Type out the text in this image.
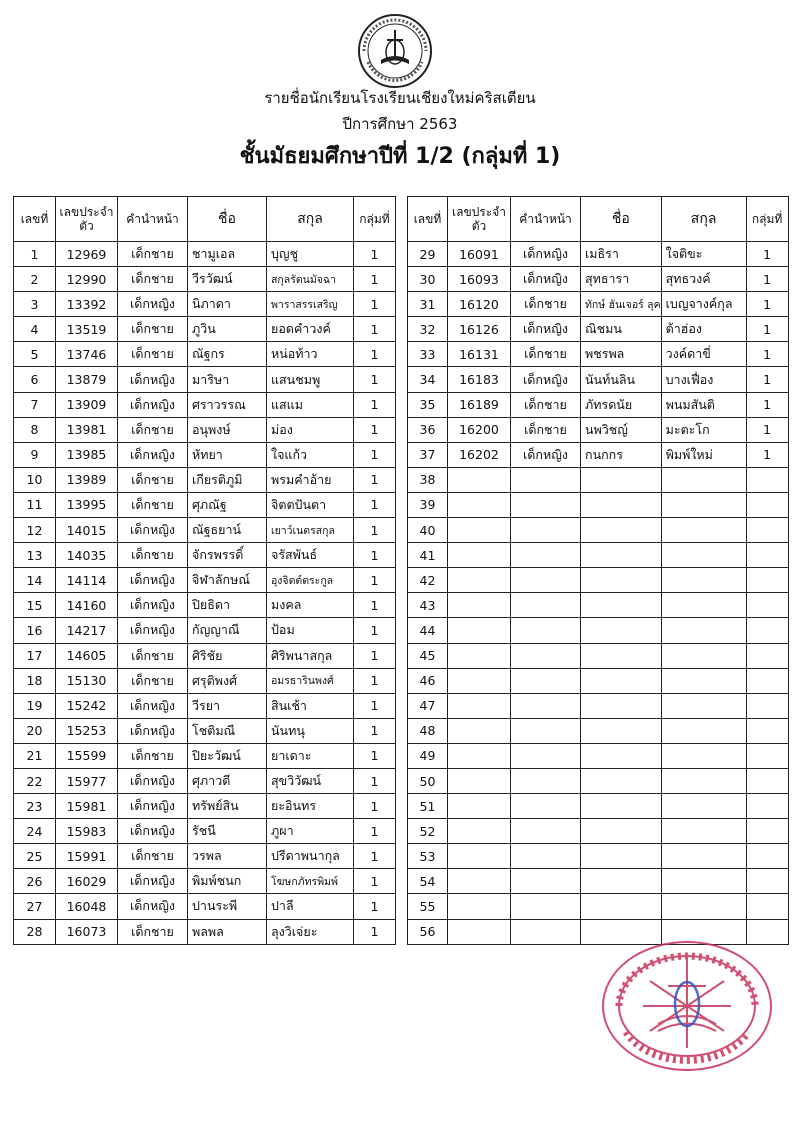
รายชื่อนักเรียนโรงเรียนเชียงใหม่คริสเตียน
ปีการศึกษา 2563
ชั้นมัธยมศึกษาปีที่ 1/2 (กลุ่มที่ 1)
เลขที่	เลขประจำตัว	คำนำหน้า	ชื่อ	สกุล	กลุ่มที่
1	12969	เด็กชาย	ชามูเอล	บุญชู	1
2	12990	เด็กชาย	วีรวัฒน์	สกุลรัตนมัจฉา	1
3	13392	เด็กหญิง	นิภาดา	พาราสรรเสริญ	1
4	13519	เด็กชาย	ภูวิน	ยอดคำวงค์	1
5	13746	เด็กชาย	ณัฐกร	หน่อท้าว	1
6	13879	เด็กหญิง	มาริษา	แสนชมพู	1
7	13909	เด็กหญิง	ศราวรรณ	แสแม	1
8	13981	เด็กชาย	อนุพงษ์	ม่อง	1
9	13985	เด็กหญิง	หัทยา	ใจแก้ว	1
10	13989	เด็กชาย	เกียรติภูมิ	พรมคำอ้าย	1
11	13995	เด็กชาย	ศุภณัฐ	จิตตปันตา	1
12	14015	เด็กหญิง	ณัฐธยาน์	เยาว์เนตรสกุล	1
13	14035	เด็กชาย	จักรพรรดิ์	จรัสพันธ์	1
14	14114	เด็กหญิง	จิฬาลักษณ์	อุงจิตต์ตระกูล	1
15	14160	เด็กหญิง	ปิยธิดา	มงคล	1
16	14217	เด็กหญิง	กัญญาณี	ป้อม	1
17	14605	เด็กชาย	ศิริชัย	ศิริพนาสกุล	1
18	15130	เด็กชาย	ศรุติพงศ์	อมรธารินพงศ์	1
19	15242	เด็กหญิง	วีรยา	สินเช้า	1
20	15253	เด็กหญิง	โชติมณี	นันทนุ	1
21	15599	เด็กชาย	ปิยะวัฒน์	ยาเดาะ	1
22	15977	เด็กหญิง	ศุภาวดี	สุขวิวัฒน์	1
23	15981	เด็กหญิง	ทรัพย์สิน	ยะอินทร	1
24	15983	เด็กหญิง	รัชนี	ภูผา	1
25	15991	เด็กชาย	วรพล	ปรีดาพนากุล	1
26	16029	เด็กหญิง	พิมพ์ชนก	โฆษกภัทรพิมพ์	1
27	16048	เด็กหญิง	ปานระพี	ปาลี	1
28	16073	เด็กชาย	พลพล	ลุงวิเจ่ยะ	1
เลขที่	เลขประจำตัว	คำนำหน้า	ชื่อ	สกุล	กลุ่มที่
29	16091	เด็กหญิง	เมธิรา	ใจติขะ	1
30	16093	เด็กหญิง	สุทธารา	สุทธวงค์	1
31	16120	เด็กชาย	ทักษ์ ฮันเจอร์ ลุค	เบญจางค์กุล	1
32	16126	เด็กหญิง	ณิชมน	ต้าฮ่อง	1
33	16131	เด็กชาย	พชรพล	วงค์ดาขี่	1
34	16183	เด็กหญิง	นันท์นลิน	บางเฟื่อง	1
35	16189	เด็กชาย	ภัทรดนัย	พนมสันติ	1
36	16200	เด็กชาย	นพวิชญ์	มะตะโก	1
37	16202	เด็กหญิง	กนกกร	พิมพ์ใหม่	1
38					
39					
40					
41					
42					
43					
44					
45					
46					
47					
48					
49					
50					
51					
52					
53					
54					
55					
56					
